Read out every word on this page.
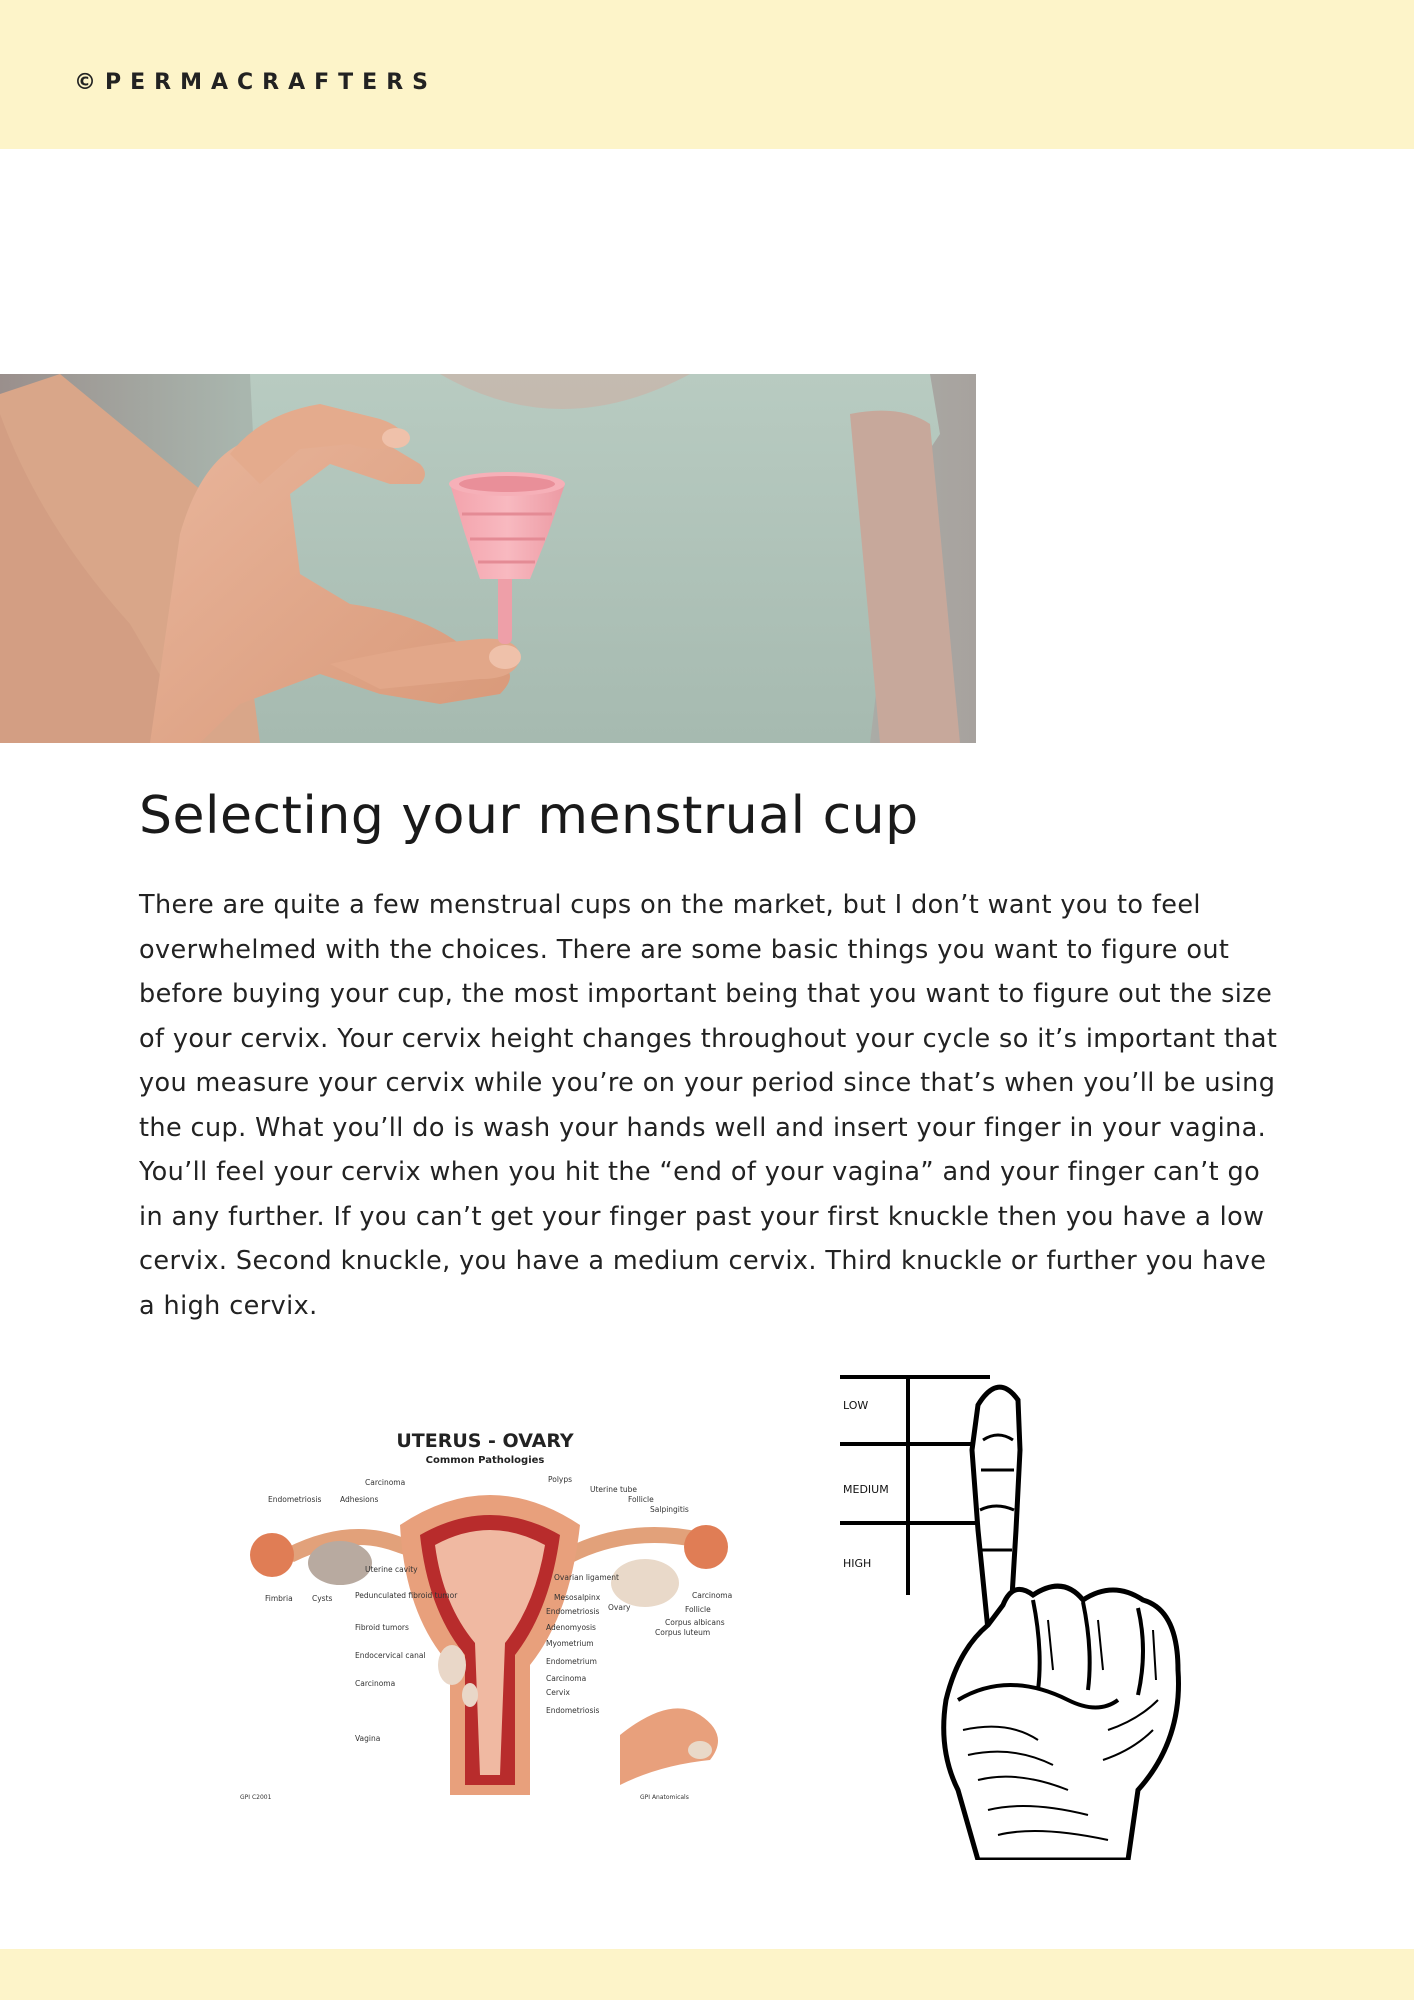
©PERMACRAFTERS
Selecting your menstrual cup

There are quite a few menstrual cups on the market, but I don’t want you to feel overwhelmed with the choices. There are some basic things you want to figure out before buying your cup, the most important being that you want to figure out the size of your cervix. Your cervix height changes throughout your cycle so it’s important that you measure your cervix while you’re on your period since that’s when you’ll be using the cup. What you’ll do is wash your hands well and insert your finger in your vagina. You’ll feel your cervix when you hit the “end of your vagina” and your finger can’t go in any further. If you can’t get your finger past your first knuckle then you have a low cervix. Second knuckle, you have a medium cervix. Third knuckle or further you have a high cervix.

UTERUS - OVARY
Common Pathologies
Carcinoma
Endometriosis Adhesions
Uterine cavity
Fimbria	Cysts	Pedunculated fibroid tumor
Fibroid tumors
Endocervical canal
Carcinoma
Vagina
Polyps
Uterine tube
Follicle
Salpingitis
Ovarian ligament
Mesosalpinx
Endometriosis Ovary
Carcinoma
Follicle
Corpus albicans
Corpus luteum
Adenomyosis
Myometrium
Endometrium
Carcinoma
Cervix
Endometriosis
GPI C2001	GPI Anatomicals
LOW
MEDIUM
HIGH
